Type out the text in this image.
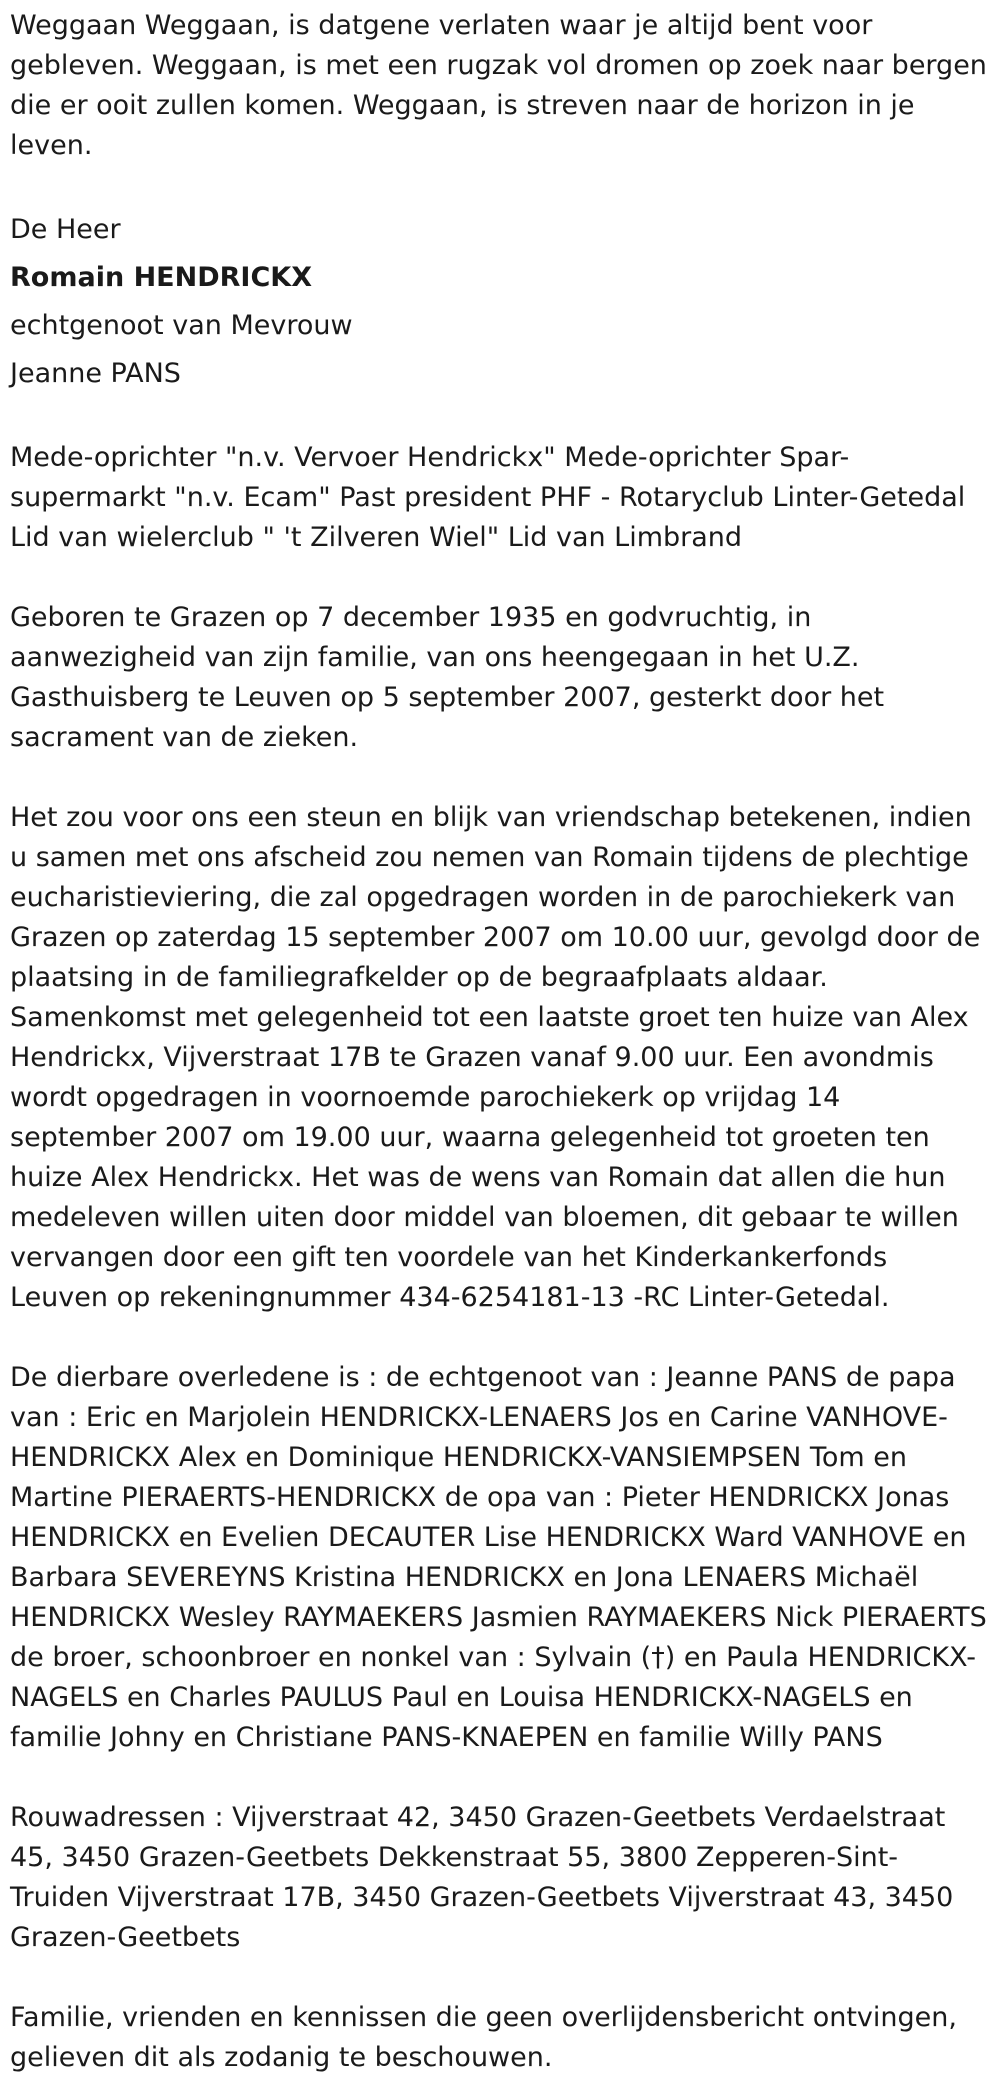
Weggaan Weggaan, is datgene verlaten waar je altijd bent voor gebleven. Weggaan, is met een rugzak vol dromen op zoek naar bergen die er ooit zullen komen. Weggaan, is streven naar de horizon in je leven.

De Heer

Romain HENDRICKX

echtgenoot van Mevrouw

Jeanne PANS

Mede-oprichter "n.v. Vervoer Hendrickx" Mede-oprichter Spar-supermarkt "n.v. Ecam" Past president PHF - Rotaryclub Linter-Getedal Lid van wielerclub " 't Zilveren Wiel" Lid van Limbrand

Geboren te Grazen op 7 december 1935 en godvruchtig, in aanwezigheid van zijn familie, van ons heengegaan in het U.Z. Gasthuisberg te Leuven op 5 september 2007, gesterkt door het sacrament van de zieken.

Het zou voor ons een steun en blijk van vriendschap betekenen, indien u samen met ons afscheid zou nemen van Romain tijdens de plechtige eucharistieviering, die zal opgedragen worden in de parochiekerk van Grazen op zaterdag 15 september 2007 om 10.00 uur, gevolgd door de plaatsing in de familiegrafkelder op de begraafplaats aldaar. Samenkomst met gelegenheid tot een laatste groet ten huize van Alex Hendrickx, Vijverstraat 17B te Grazen vanaf 9.00 uur. Een avondmis wordt opgedragen in voornoemde parochiekerk op vrijdag 14 september 2007 om 19.00 uur, waarna gelegenheid tot groeten ten huize Alex Hendrickx. Het was de wens van Romain dat allen die hun medeleven willen uiten door middel van bloemen, dit gebaar te willen vervangen door een gift ten voordele van het Kinderkankerfonds Leuven op rekeningnummer 434-6254181-13 -RC Linter-Getedal.

De dierbare overledene is : de echtgenoot van : Jeanne PANS de papa van : Eric en Marjolein HENDRICKX-LENAERS Jos en Carine VANHOVE-HENDRICKX Alex en Dominique HENDRICKX-VANSIEMPSEN Tom en Martine PIERAERTS-HENDRICKX de opa van : Pieter HENDRICKX Jonas HENDRICKX en Evelien DECAUTER Lise HENDRICKX Ward VANHOVE en Barbara SEVEREYNS Kristina HENDRICKX en Jona LENAERS Michaël HENDRICKX Wesley RAYMAEKERS Jasmien RAYMAEKERS Nick PIERAERTS de broer, schoonbroer en nonkel van : Sylvain (†) en Paula HENDRICKX-NAGELS en Charles PAULUS Paul en Louisa HENDRICKX-NAGELS en familie Johny en Christiane PANS-KNAEPEN en familie Willy PANS

Rouwadressen : Vijverstraat 42, 3450 Grazen-Geetbets Verdaelstraat 45, 3450 Grazen-Geetbets Dekkenstraat 55, 3800 Zepperen-Sint-Truiden Vijverstraat 17B, 3450 Grazen-Geetbets Vijverstraat 43, 3450 Grazen-Geetbets

Familie, vrienden en kennissen die geen overlijdensbericht ontvingen, gelieven dit als zodanig te beschouwen.
